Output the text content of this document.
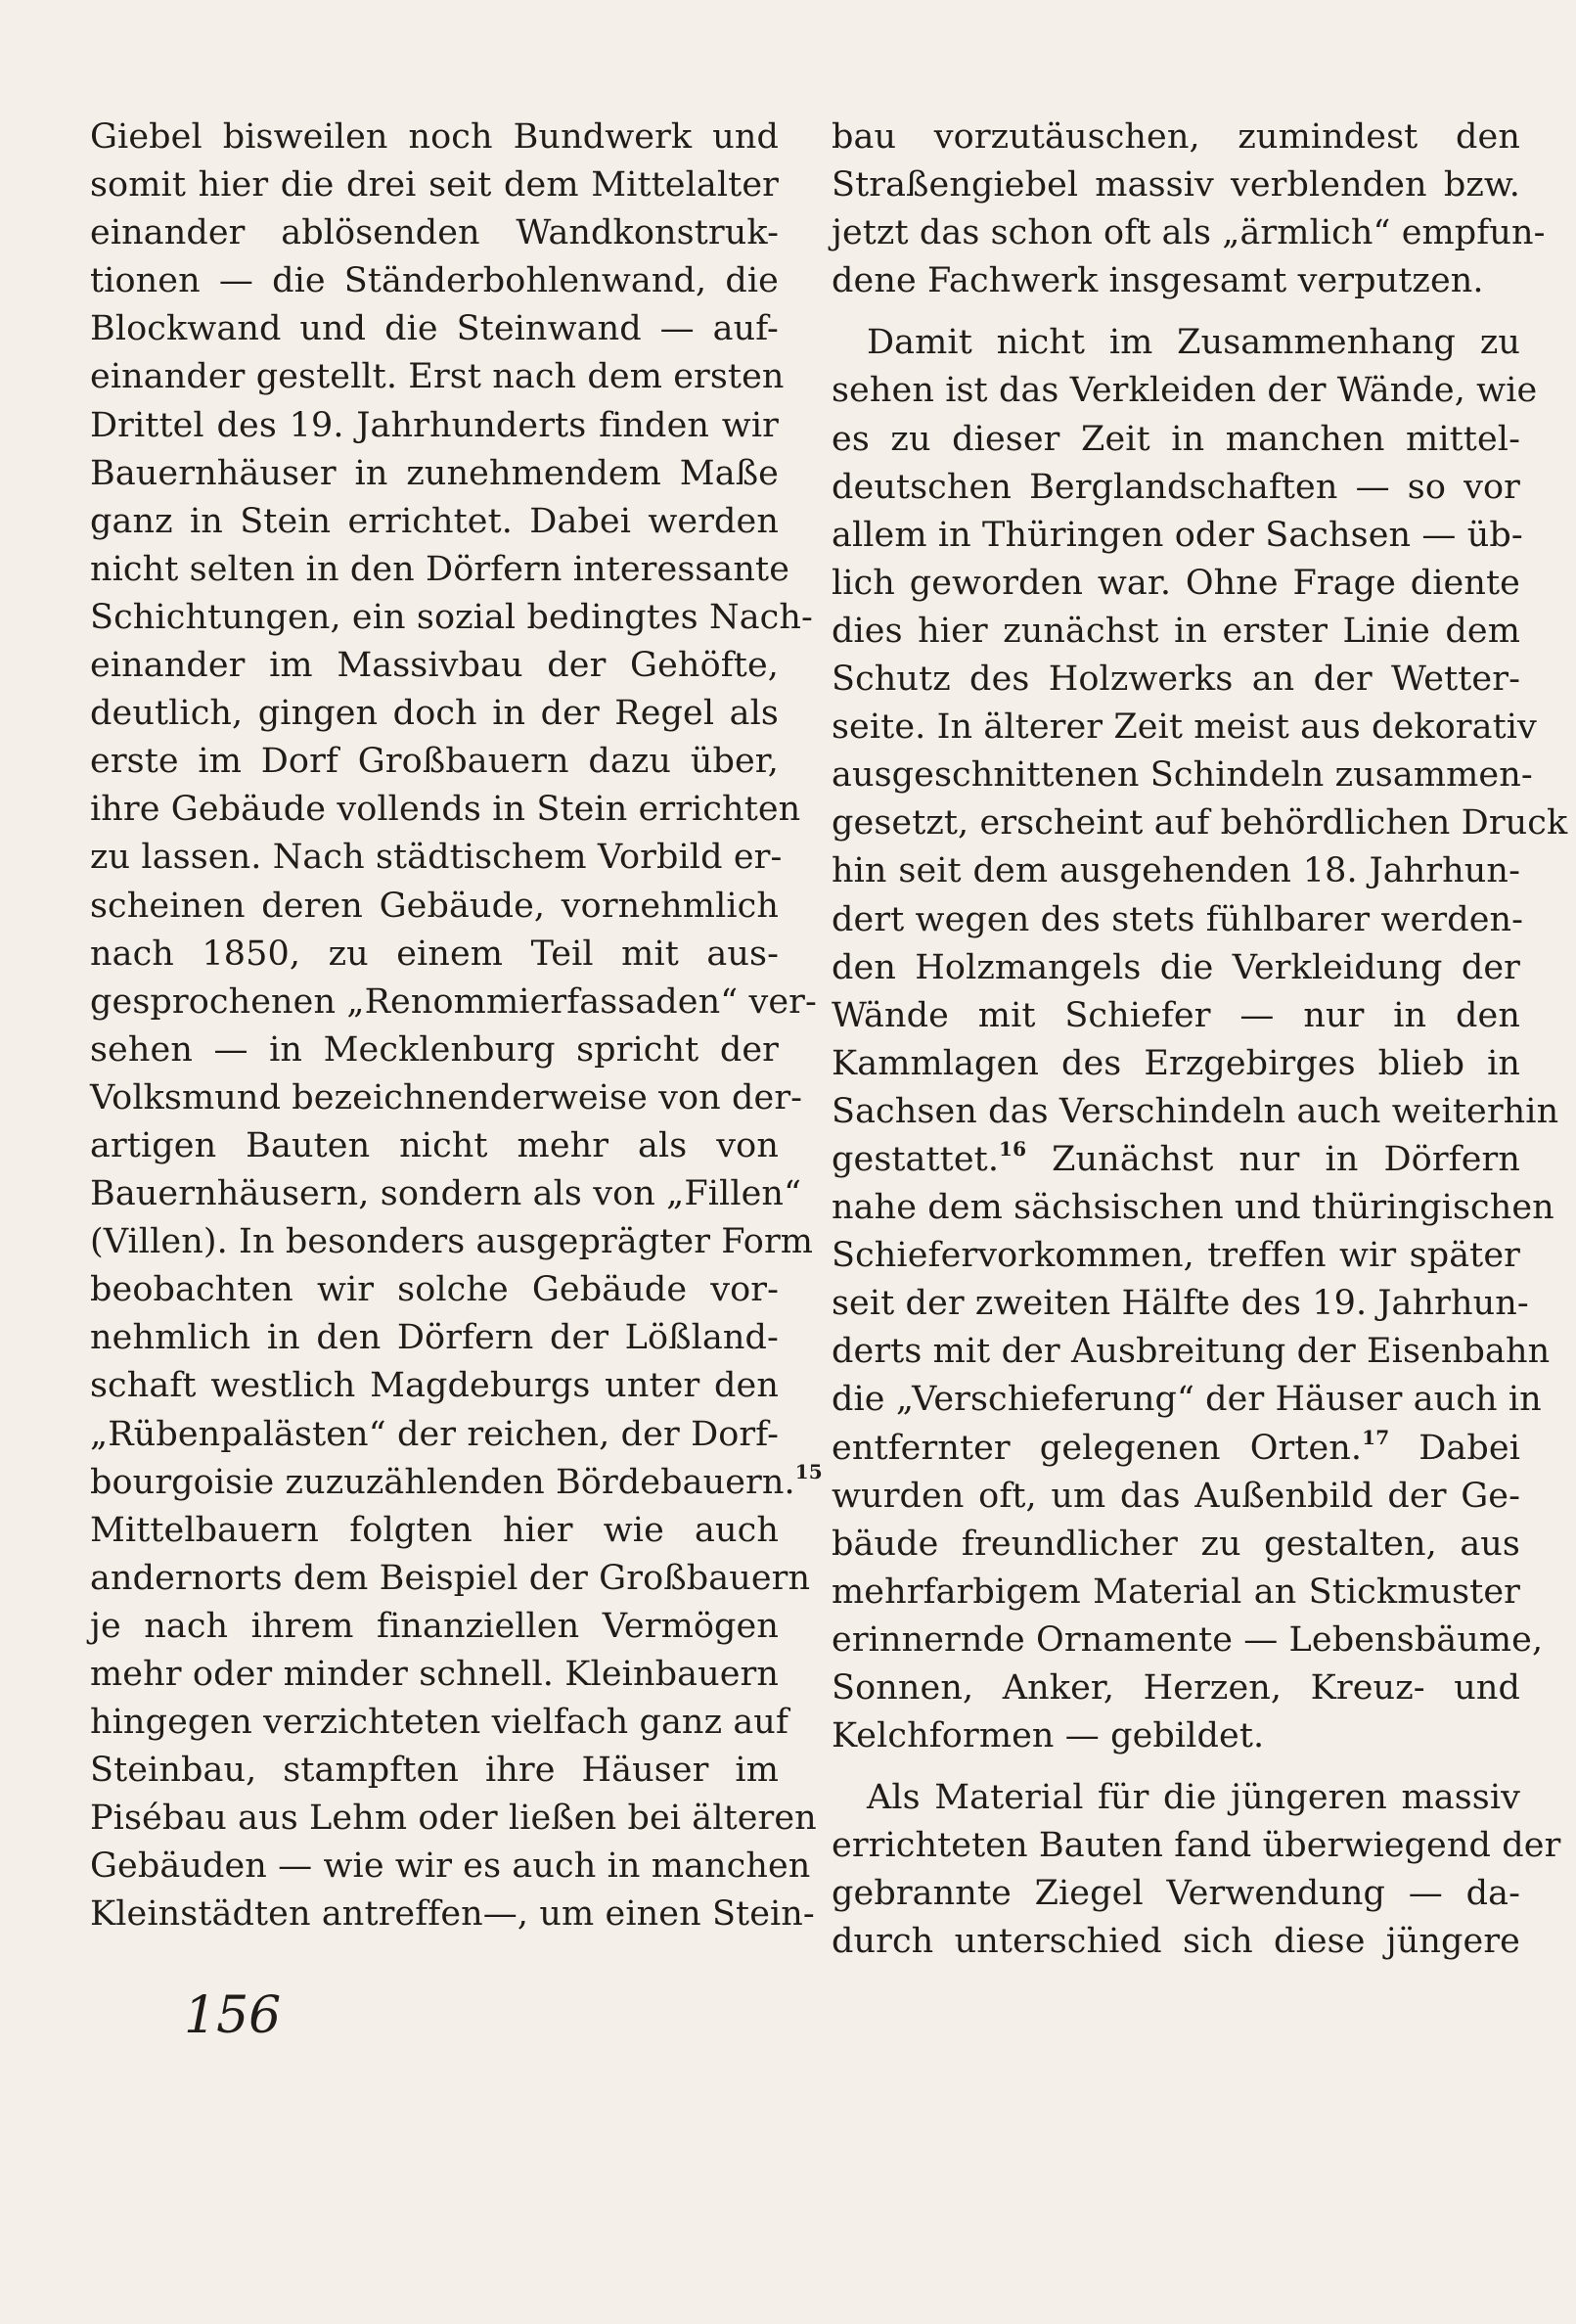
Giebel bisweilen noch Bundwerk und
somit hier die drei seit dem Mittelalter
einander ablösenden Wandkonstruk-
tionen — die Ständerbohlenwand, die
Blockwand und die Steinwand — auf-
einander gestellt. Erst nach dem ersten
Drittel des 19. Jahrhunderts finden wir
Bauernhäuser in zunehmendem Maße
ganz in Stein errichtet. Dabei werden
nicht selten in den Dörfern interessante
Schichtungen, ein sozial bedingtes Nach-
einander im Massivbau der Gehöfte,
deutlich, gingen doch in der Regel als
erste im Dorf Großbauern dazu über,
ihre Gebäude vollends in Stein errichten
zu lassen. Nach städtischem Vorbild er-
scheinen deren Gebäude, vornehmlich
nach 1850, zu einem Teil mit aus-
gesprochenen „Renommierfassaden“ ver-
sehen — in Mecklenburg spricht der
Volksmund bezeichnenderweise von der-
artigen Bauten nicht mehr als von
Bauernhäusern, sondern als von „Fillen“
(Villen). In besonders ausgeprägter Form
beobachten wir solche Gebäude vor-
nehmlich in den Dörfern der Lößland-
schaft westlich Magdeburgs unter den
„Rübenpalästen“ der reichen, der Dorf-
bourgoisie zuzuzählenden Bördebauern.$^{15}$
Mittelbauern folgten hier wie auch
andernorts dem Beispiel der Großbauern
je nach ihrem finanziellen Vermögen
mehr oder minder schnell. Kleinbauern
hingegen verzichteten vielfach ganz auf
Steinbau, stampften ihre Häuser im
Pisébau aus Lehm oder ließen bei älteren
Gebäuden — wie wir es auch in manchen
Kleinstädten antreffen—, um einen Stein-
bau vorzutäuschen, zumindest den
Straßengiebel massiv verblenden bzw.
jetzt das schon oft als „ärmlich“ empfun-
dene Fachwerk insgesamt verputzen.
Damit nicht im Zusammenhang zu
sehen ist das Verkleiden der Wände, wie
es zu dieser Zeit in manchen mittel-
deutschen Berglandschaften — so vor
allem in Thüringen oder Sachsen — üb-
lich geworden war. Ohne Frage diente
dies hier zunächst in erster Linie dem
Schutz des Holzwerks an der Wetter-
seite. In älterer Zeit meist aus dekorativ
ausgeschnittenen Schindeln zusammen-
gesetzt, erscheint auf behördlichen Druck
hin seit dem ausgehenden 18. Jahrhun-
dert wegen des stets fühlbarer werden-
den Holzmangels die Verkleidung der
Wände mit Schiefer — nur in den
Kammlagen des Erzgebirges blieb in
Sachsen das Verschindeln auch weiterhin
gestattet.$^{16}$ Zunächst nur in Dörfern
nahe dem sächsischen und thüringischen
Schiefervorkommen, treffen wir später
seit der zweiten Hälfte des 19. Jahrhun-
derts mit der Ausbreitung der Eisenbahn
die „Verschieferung“ der Häuser auch in
entfernter gelegenen Orten.$^{17}$ Dabei
wurden oft, um das Außenbild der Ge-
bäude freundlicher zu gestalten, aus
mehrfarbigem Material an Stickmuster
erinnernde Ornamente — Lebensbäume,
Sonnen, Anker, Herzen, Kreuz- und
Kelchformen — gebildet.
Als Material für die jüngeren massiv
errichteten Bauten fand überwiegend der
gebrannte Ziegel Verwendung — da-
durch unterschied sich diese jüngere
156
